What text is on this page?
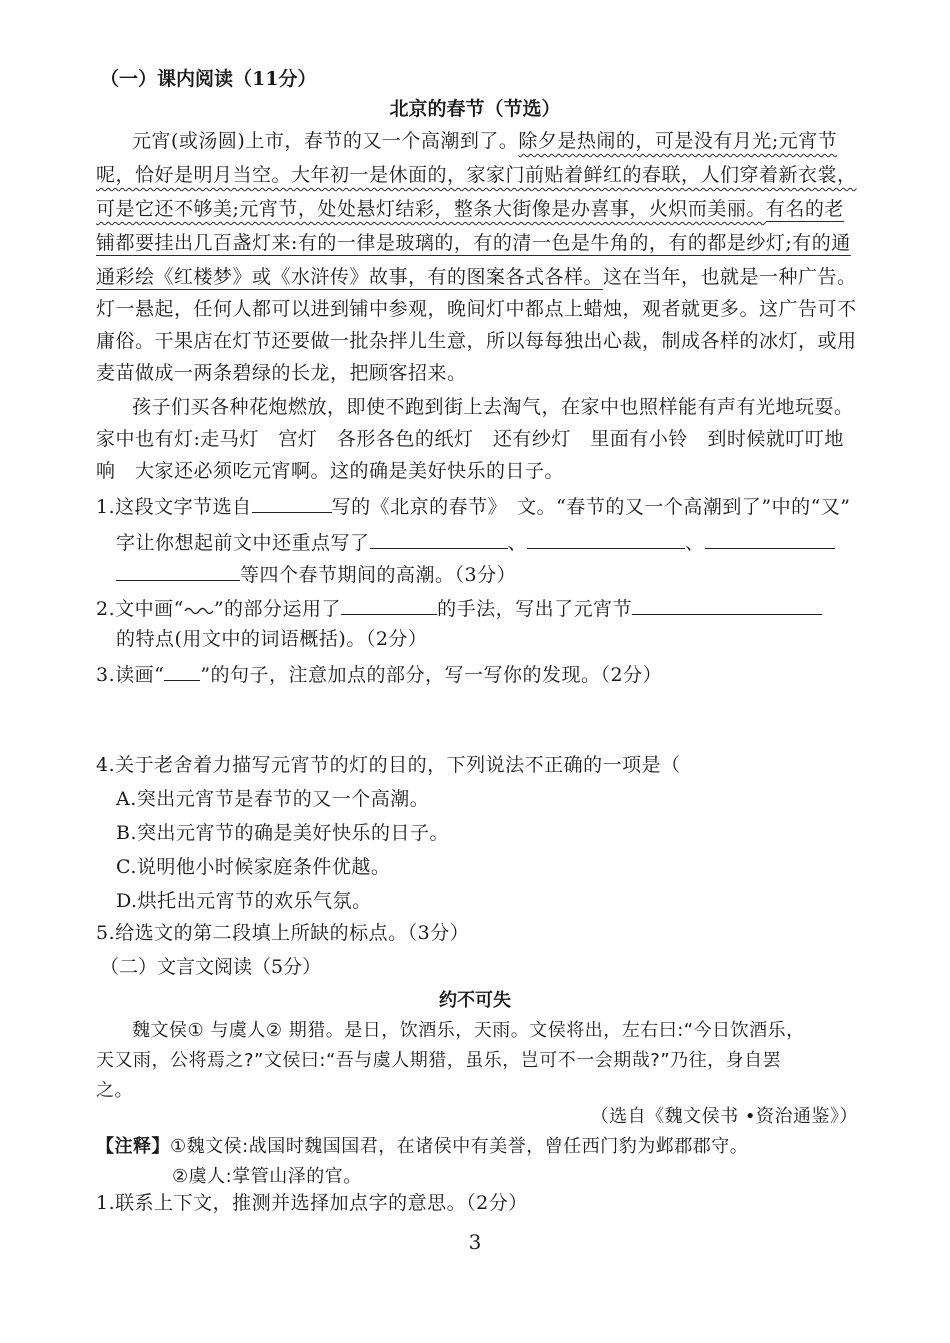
（一）课内阅读（11分）
北京的春节（节选）
元宵(或汤圆)上市，春节的又一个高潮到了。除夕是热闹的，可是没有月光;元宵节
呢，恰好是明月当空。大年初一是休面的，家家门前贴着鲜红的春联，人们穿着新衣裳，
可是它还不够美;元宵节，处处悬灯结彩，整条大街像是办喜事，火炽而美丽。有名的老
铺都要挂出几百盏灯来:有的一律是玻璃的，有的清一色是牛角的，有的都是纱灯;有的通
通彩绘《红楼梦》或《水浒传》故事，有的图案各式各样。这在当年，也就是一种广告。
灯一悬起，任何人都可以进到铺中参观，晚间灯中都点上蜡烛，观者就更多。这广告可不
庸俗。干果店在灯节还要做一批杂拌儿生意，所以每每独出心裁，制成各样的冰灯，或用
麦苗做成一两条碧绿的长龙，把顾客招来。
孩子们买各种花炮燃放，即使不跑到街上去淘气，在家中也照样能有声有光地玩耍。
家中也有灯:走马灯　宫灯　各形各色的纸灯　还有纱灯　里面有小铃　到时候就叮叮地
响　大家还必须吃元宵啊。这的确是美好快乐的日子。
1.这段文字节选自	写的《北京的春节》　文。“春节的又一个高潮到了”中的“又”
字让你想起前文中还重点写了	、	、
等四个春节期间的高潮。（3分）
2.文中画“ ”的部分运用了	的手法，写出了元宵节
的特点(用文中的词语概括)。（2分）
3.读画“ ”的句子，注意加点的部分，写一写你的发现。（2分）
4.关于老舍着力描写元宵节的灯的目的，下列说法不正确的一项是（
A.突出元宵节是春节的又一个高潮。
B.突出元宵节的确是美好快乐的日子。
C.说明他小时候家庭条件优越。
D.烘托出元宵节的欢乐气氛。
5.给选文的第二段填上所缺的标点。（3分）
（二）文言文阅读（5分）
约不可失
魏文侯① 与虞人② 期猎。是日，饮酒乐，天雨。文侯将出，左右曰:“今日饮酒乐，
天又雨，公将焉之?”文侯曰:“吾与虞人期猎，虽乐，岂可不一会期哉?”乃往，身自罢
之。
（选自《魏文侯书 •资治通鉴》）
【注释】①魏文侯:战国时魏国国君，在诸侯中有美誉，曾任西门豹为邺郡郡守。
②虞人:掌管山泽的官。
1.联系上下文，推测并选择加点字的意思。（2分）
3
